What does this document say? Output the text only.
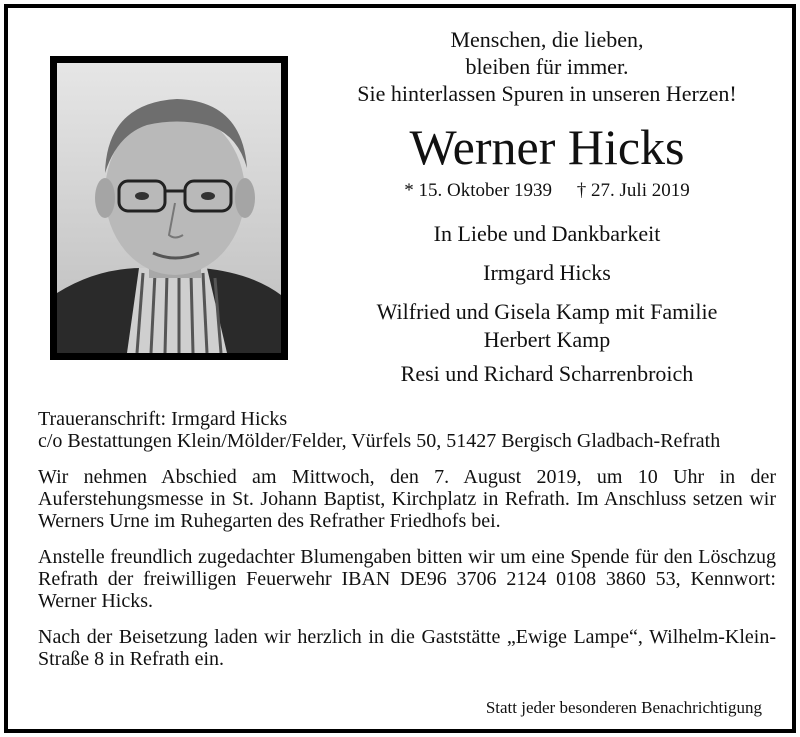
Menschen, die lieben,
bleiben für immer.
Sie hinterlassen Spuren in unseren Herzen!
Werner Hicks
* 15. Oktober 1939 † 27. Juli 2019
In Liebe und Dankbarkeit
Irmgard Hicks
Wilfried und Gisela Kamp mit Familie
Herbert Kamp
Resi und Richard Scharrenbroich

Traueranschrift: Irmgard Hicks

c/o Bestattungen Klein/Mölder/Felder, Vürfels 50, 51427 Bergisch Gladbach-Refrath

Wir nehmen Abschied am Mittwoch, den 7. August 2019, um 10 Uhr in der Auferstehungsmesse in St. Johann Baptist, Kirchplatz in Refrath. Im Anschluss setzen wir Werners Urne im Ruhegarten des Refrather Friedhofs bei.

Anstelle freundlich zugedachter Blumengaben bitten wir um eine Spende für den Löschzug Refrath der freiwilligen Feuerwehr IBAN DE96 3706 2124 0108 3860 53, Kennwort: Werner Hicks.

Nach der Beisetzung laden wir herzlich in die Gaststätte „Ewige Lampe“, Wilhelm-Klein-Straße 8 in Refrath ein.

Statt jeder besonderen Benachrichtigung
